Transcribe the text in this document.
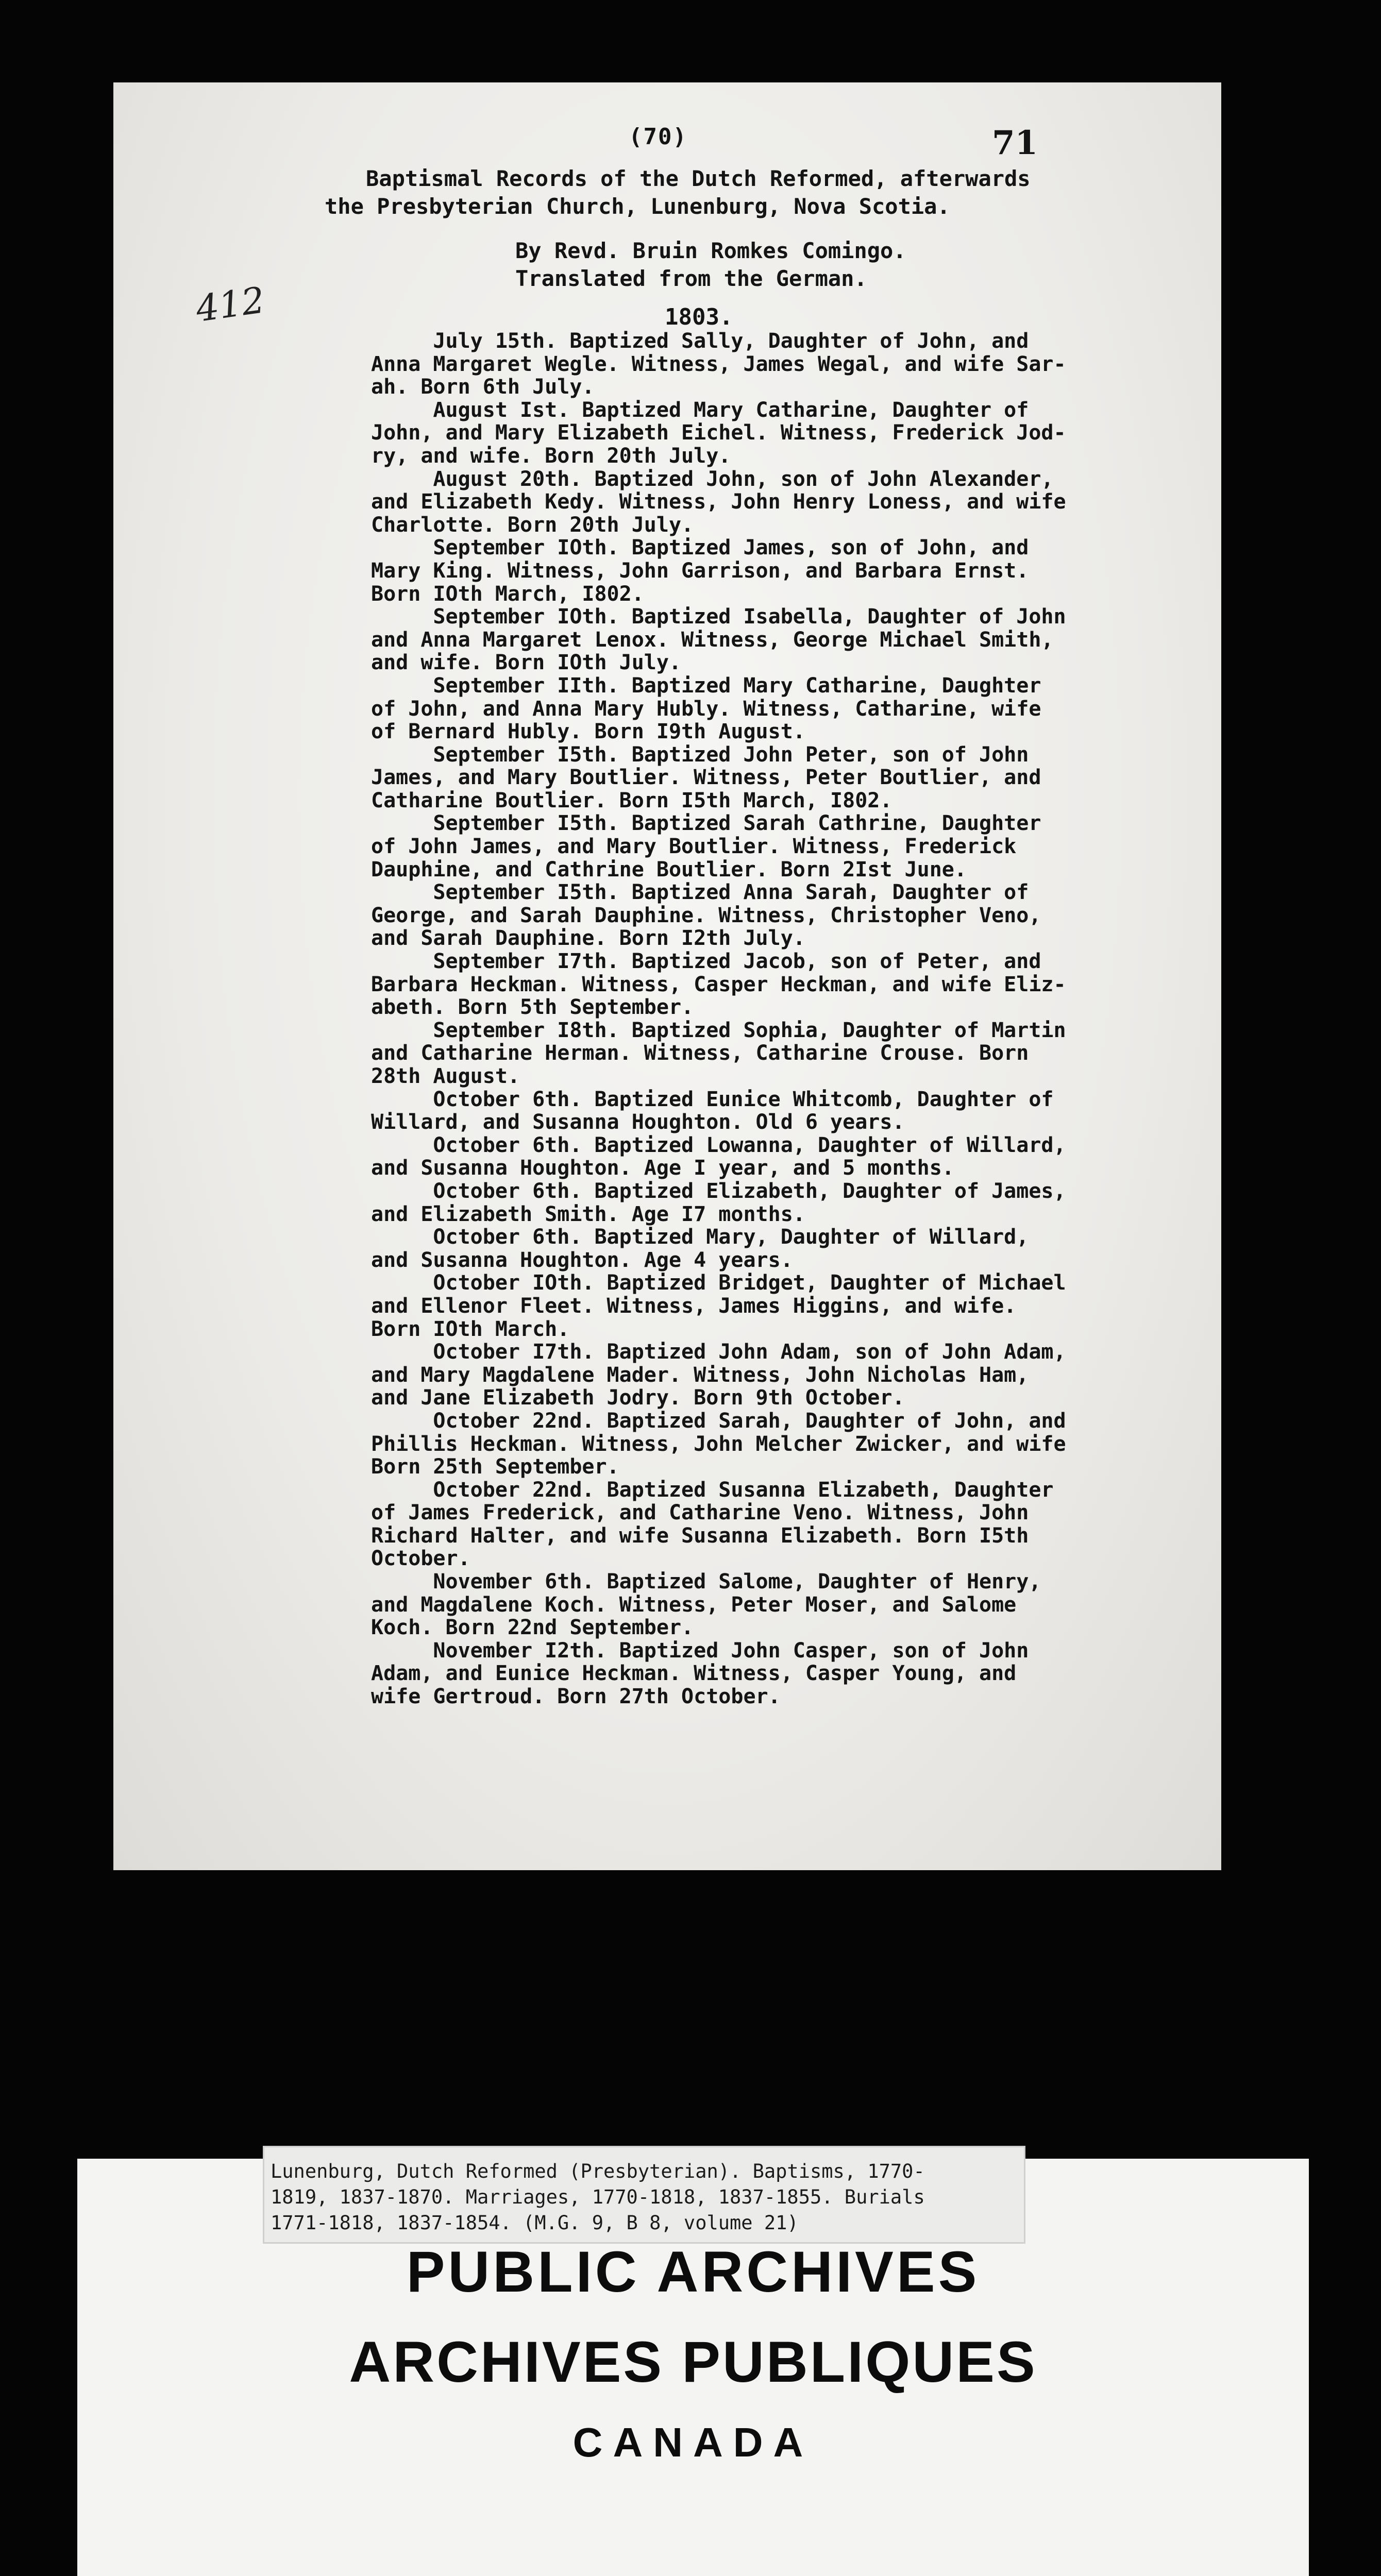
(70)	71
Baptismal Records of the Dutch Reformed, afterwards
the Presbyterian Church, Lunenburg, Nova Scotia.
By Revd. Bruin Romkes Comingo.
Translated from the German.
412	1803.

July 15th. Baptized Sally, Daughter of John, and
Anna Margaret Wegle. Witness, James Wegal, and wife Sar-
ah. Born 6th July.

August Ist. Baptized Mary Catharine, Daughter of
John, and Mary Elizabeth Eichel. Witness, Frederick Jod-
ry, and wife. Born 20th July.

August 20th. Baptized John, son of John Alexander,
and Elizabeth Kedy. Witness, John Henry Loness, and wife
Charlotte. Born 20th July.

September IOth. Baptized James, son of John, and
Mary King. Witness, John Garrison, and Barbara Ernst.
Born IOth March, I802.

September IOth. Baptized Isabella, Daughter of John
and Anna Margaret Lenox. Witness, George Michael Smith,
and wife. Born IOth July.

September IIth. Baptized Mary Catharine, Daughter
of John, and Anna Mary Hubly. Witness, Catharine, wife
of Bernard Hubly. Born I9th August.

September I5th. Baptized John Peter, son of John
James, and Mary Boutlier. Witness, Peter Boutlier, and
Catharine Boutlier. Born I5th March, I802.

September I5th. Baptized Sarah Cathrine, Daughter
of John James, and Mary Boutlier. Witness, Frederick
Dauphine, and Cathrine Boutlier. Born 2Ist June.

September I5th. Baptized Anna Sarah, Daughter of
George, and Sarah Dauphine. Witness, Christopher Veno,
and Sarah Dauphine. Born I2th July.

September I7th. Baptized Jacob, son of Peter, and
Barbara Heckman. Witness, Casper Heckman, and wife Eliz-
abeth. Born 5th September.

September I8th. Baptized Sophia, Daughter of Martin
and Catharine Herman. Witness, Catharine Crouse. Born
28th August.

October 6th. Baptized Eunice Whitcomb, Daughter of
Willard, and Susanna Houghton. Old 6 years.

October 6th. Baptized Lowanna, Daughter of Willard,
and Susanna Houghton. Age I year, and 5 months.

October 6th. Baptized Elizabeth, Daughter of James,
and Elizabeth Smith. Age I7 months.

October 6th. Baptized Mary, Daughter of Willard,
and Susanna Houghton. Age 4 years.

October IOth. Baptized Bridget, Daughter of Michael
and Ellenor Fleet. Witness, James Higgins, and wife.
Born IOth March.

October I7th. Baptized John Adam, son of John Adam,
and Mary Magdalene Mader. Witness, John Nicholas Ham,
and Jane Elizabeth Jodry. Born 9th October.

October 22nd. Baptized Sarah, Daughter of John, and
Phillis Heckman. Witness, John Melcher Zwicker, and wife
Born 25th September.

October 22nd. Baptized Susanna Elizabeth, Daughter
of James Frederick, and Catharine Veno. Witness, John
Richard Halter, and wife Susanna Elizabeth. Born I5th
October.

November 6th. Baptized Salome, Daughter of Henry,
and Magdalene Koch. Witness, Peter Moser, and Salome
Koch. Born 22nd September.

November I2th. Baptized John Casper, son of John
Adam, and Eunice Heckman. Witness, Casper Young, and
wife Gertroud. Born 27th October.

Lunenburg, Dutch Reformed (Presbyterian). Baptisms, 1770-
1819, 1837-1870. Marriages, 1770-1818, 1837-1855. Burials
1771-1818, 1837-1854. (M.G. 9, B 8, volume 21)
PUBLIC ARCHIVES
ARCHIVES PUBLIQUES
CANADA
